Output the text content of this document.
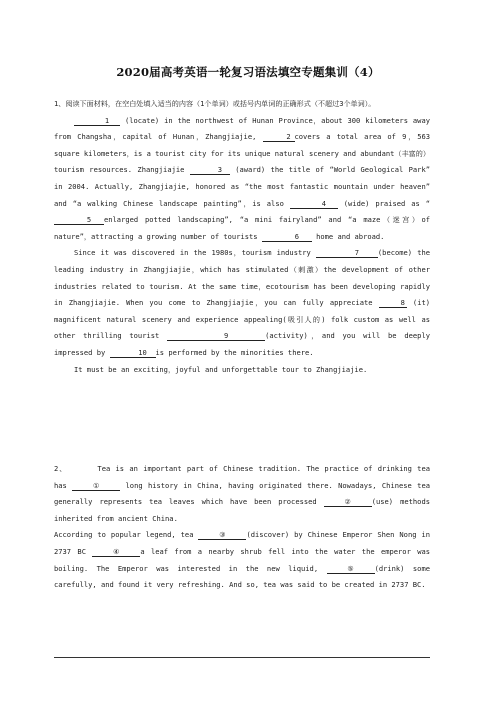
2020届高考英语一轮复习语法填空专题集训（4）

1、阅读下面材料，在空白处填入适当的内容（1个单词）或括号内单词的正确形式（不超过3个单词）。

1 (locate) in the northwest of Hunan Province，about 300 kilometers away from Changsha，capital of Hunan，Zhangjiajie,	2 covers a total area of 9，563 square kilometers，is a tourist city for its unique natural scenery and abundant（丰富的） tourism resources. Zhangjiajie	3 (award) the title of “World Geological Park” in 2004. Actually, Zhangjiajie, honored as “the most fantastic mountain under heaven” and “a walking Chinese landscape painting”，is also	4 (wide) praised as “5 enlarged potted landscaping”, “a mini fairyland” and “a maze（迷宫）of nature”，attracting a growing number of tourists	6 home and abroad.

Since it was discovered in the 1980s，tourism industry	7	(become) the leading industry in Zhangjiajie，which has stimulated（刺激）the development of other industries related to tourism. At the same time，ecotourism has been developing rapidly in Zhangjiajie. When you come to Zhangjiajie，you can fully appreciate	8 (it) magnificent natural scenery and experience appealing(吸引人的) folk custom as well as other thrilling tourist	9	(activity)，and you will be deeply impressed by	10 is performed by the minorities there.

It must be an exciting，joyful and unforgettable tour to Zhangjiajie.

2、	Tea is an important part of Chinese tradition. The practice of drinking tea has	①	long history in China, having originated there. Nowadays, Chinese tea generally represents tea leaves which have been processed	②	(use) methods inherited from ancient China.

According to popular legend, tea	③	(discover) by Chinese Emperor Shen Nong in 2737 BC	④	a leaf from a nearby shrub fell into the water the emperor was boiling. The Emperor was interested in the new liquid,	⑤	(drink) some carefully, and found it very refreshing. And so, tea was said to be created in 2737 BC.
